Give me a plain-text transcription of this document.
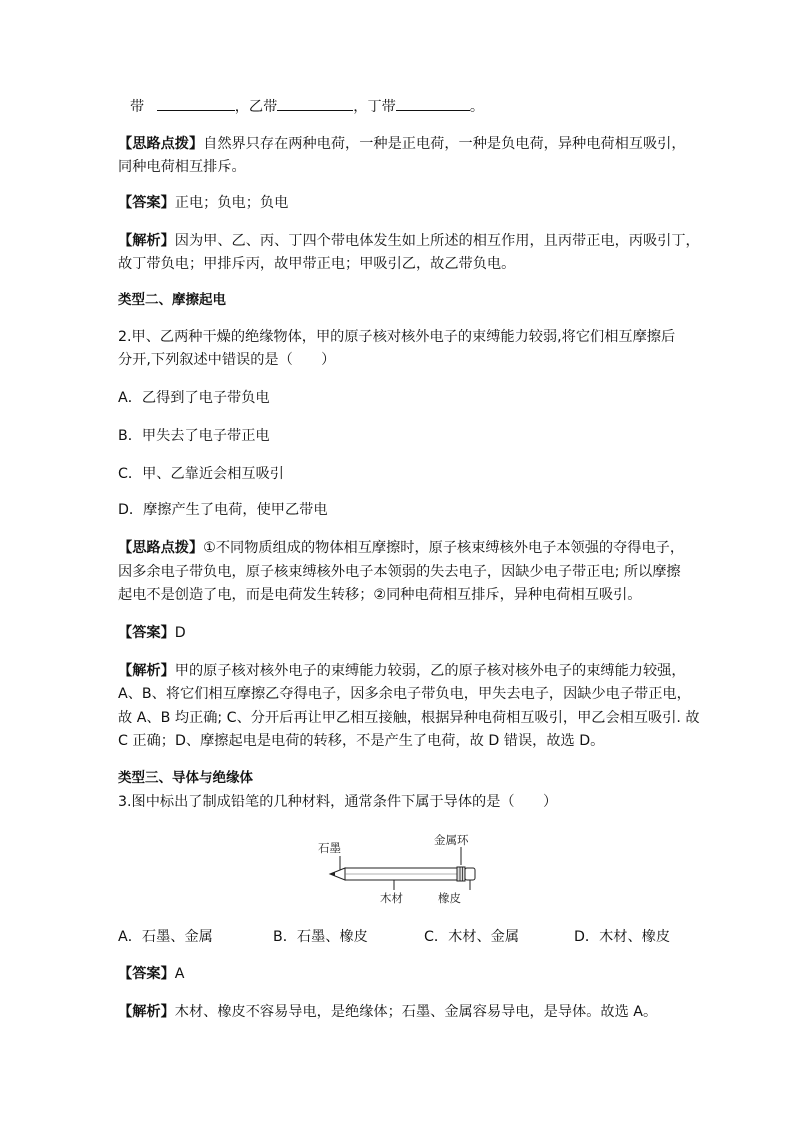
带	，乙带	，丁带	。
【思路点拨】自然界只存在两种电荷，一种是正电荷，一种是负电荷，异种电荷相互吸引，
同种电荷相互排斥。
【答案】正电；负电；负电
【解析】因为甲、乙、丙、丁四个带电体发生如上所述的相互作用，且丙带正电，丙吸引丁，
故丁带负电；甲排斥丙，故甲带正电；甲吸引乙，故乙带负电。
类型二、摩擦起电
2.甲、乙两种干燥的绝缘物体，甲的原子核对核外电子的束缚能力较弱,将它们相互摩擦后
分开,下列叙述中错误的是（　　）
A．乙得到了电子带负电
B．甲失去了电子带正电
C．甲、乙靠近会相互吸引
D．摩擦产生了电荷，使甲乙带电
【思路点拨】①不同物质组成的物体相互摩擦时，原子核束缚核外电子本领强的夺得电子，
因多余电子带负电，原子核束缚核外电子本领弱的失去电子，因缺少电子带正电; 所以摩擦
起电不是创造了电，而是电荷发生转移；②同种电荷相互排斥，异种电荷相互吸引。
【答案】D
【解析】甲的原子核对核外电子的束缚能力较弱，乙的原子核对核外电子的束缚能力较强，
A、B、将它们相互摩擦乙夺得电子，因多余电子带负电，甲失去电子，因缺少电子带正电，
故 A、B 均正确; C、分开后再让甲乙相互接触，根据异种电荷相互吸引，甲乙会相互吸引. 故
C 正确；D、摩擦起电是电荷的转移，不是产生了电荷，故 D 错误，故选 D。
类型三、导体与绝缘体
3.图中标出了制成铅笔的几种材料，通常条件下属于导体的是（　　）
石墨
金属环
木材	橡皮
A．石墨、金属	B．石墨、橡皮	C．木材、金属	D．木材、橡皮
【答案】A
【解析】木材、橡皮不容易导电，是绝缘体；石墨、金属容易导电，是导体。故选 A。
